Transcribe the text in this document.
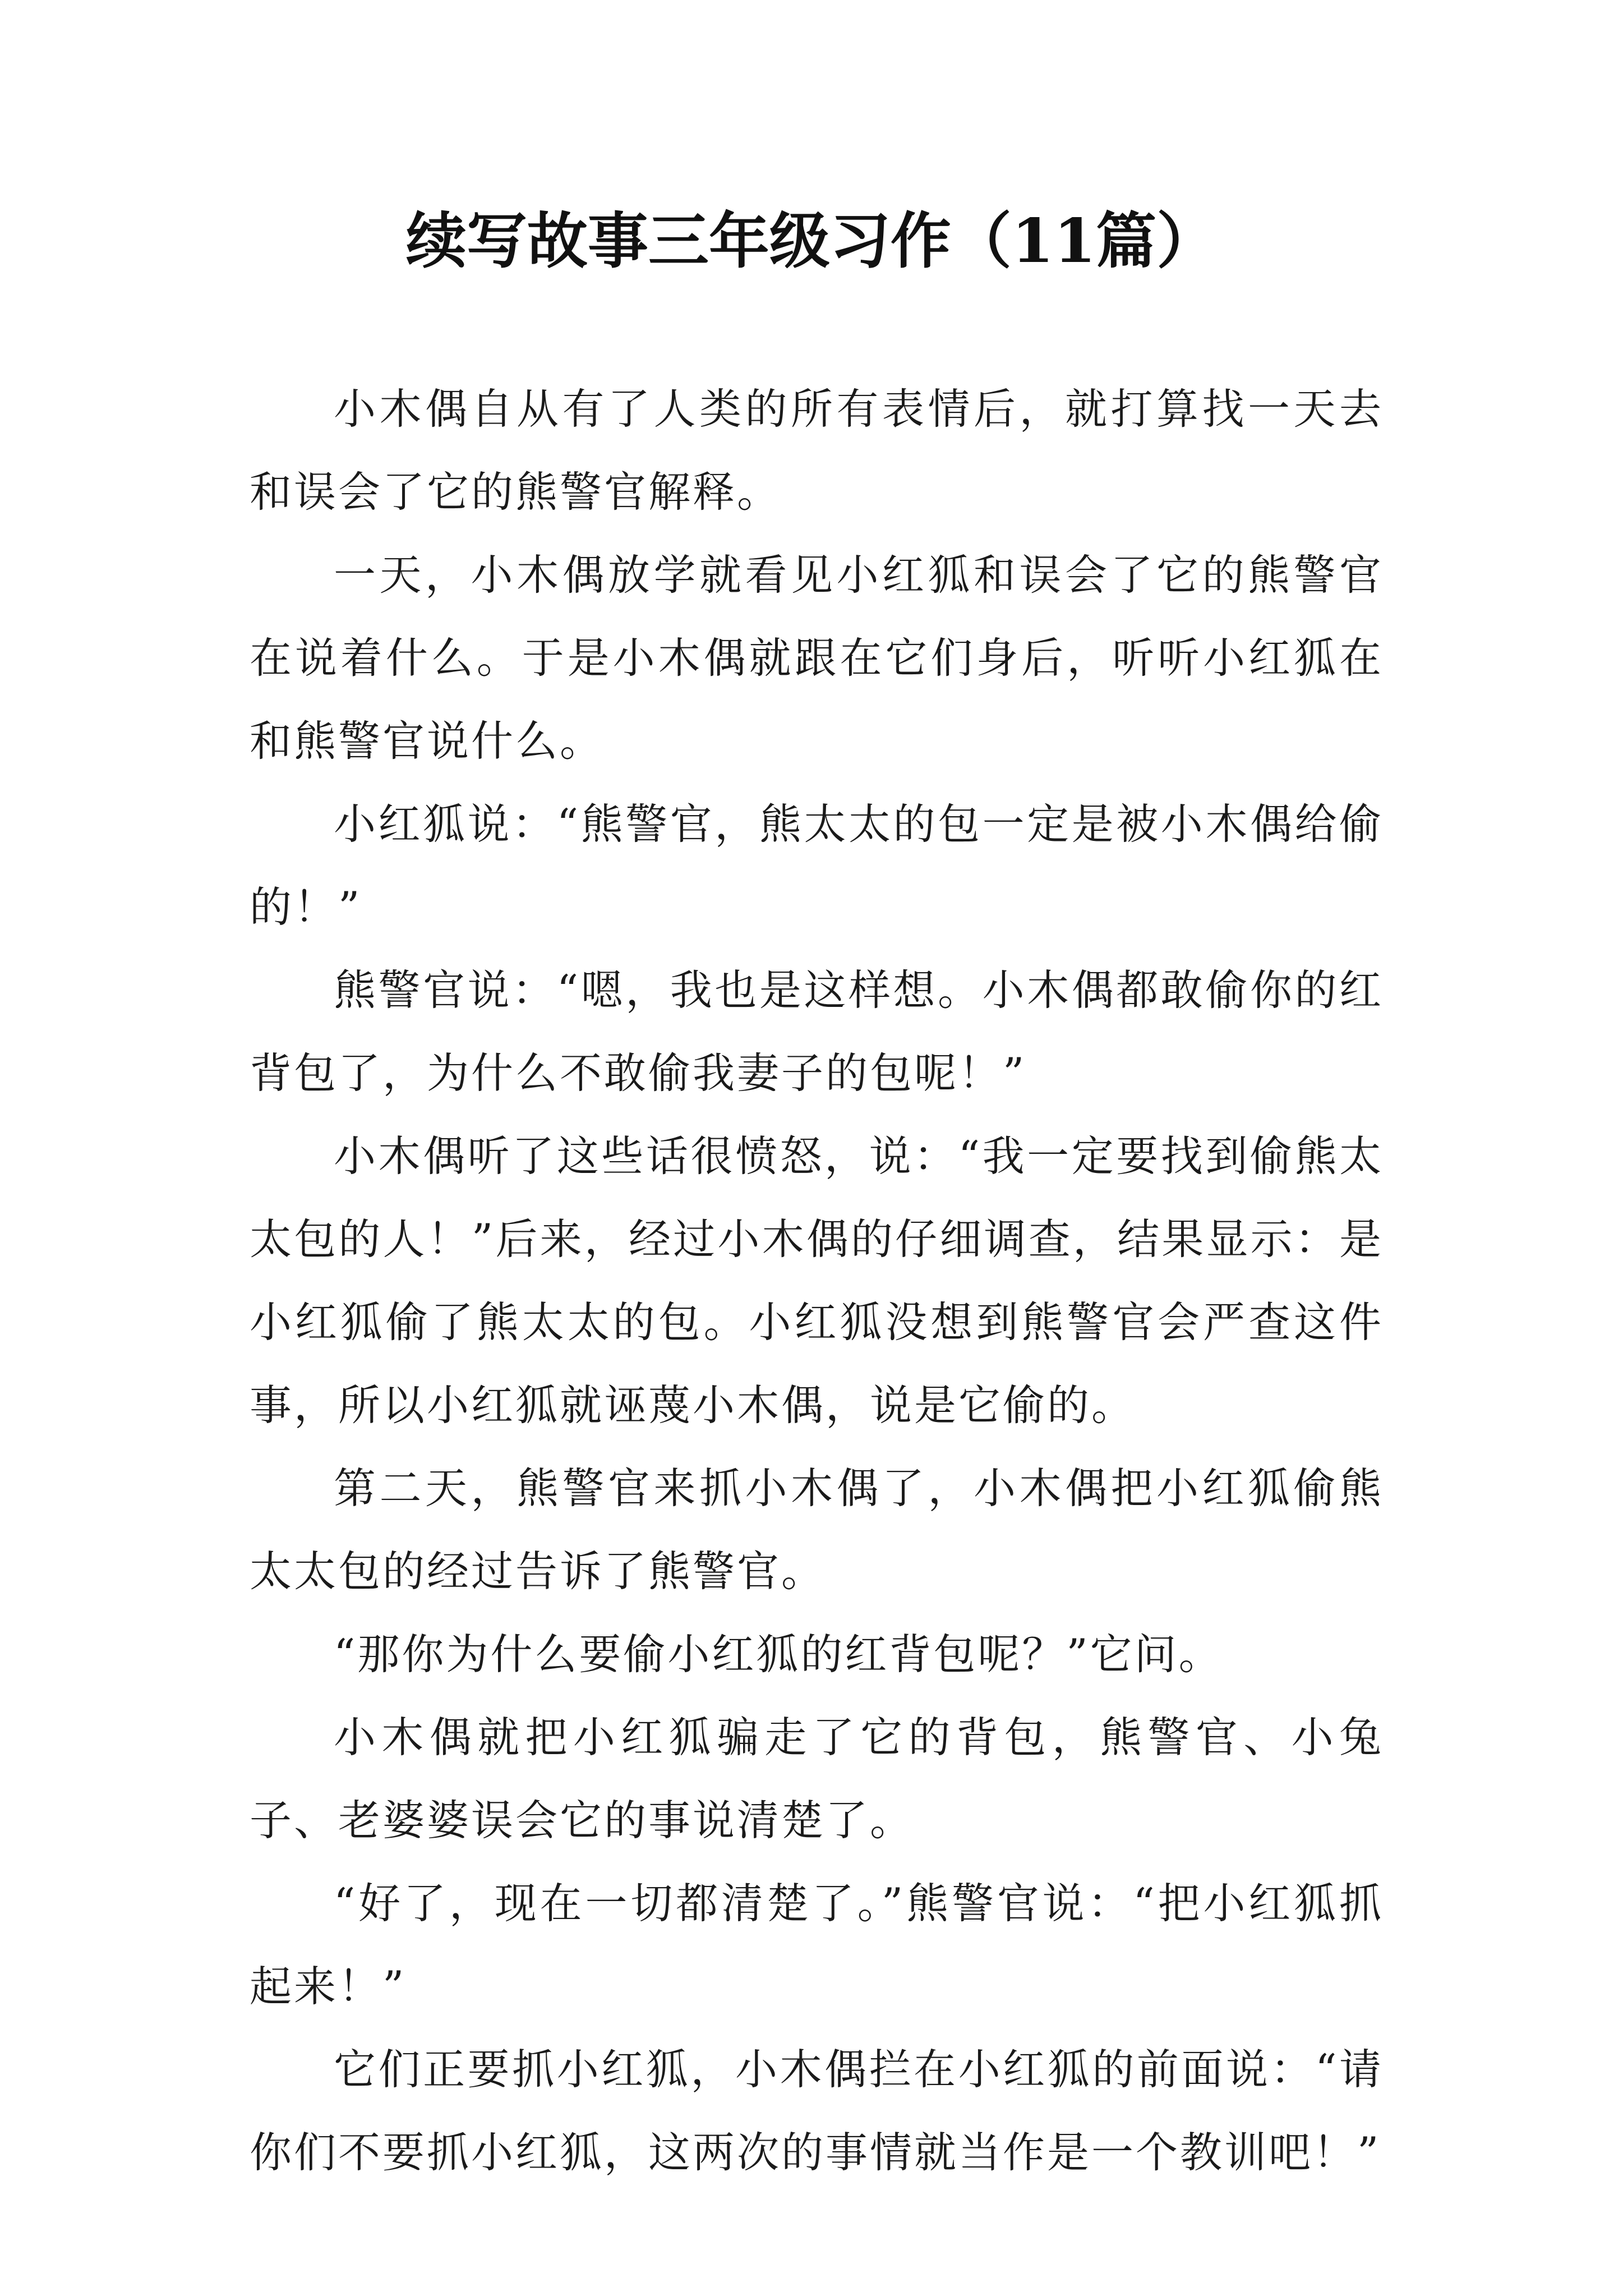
续写故事三年级习作（11篇）

小木偶自从有了人类的所有表情后，就打算找一天去和误会了它的熊警官解释。

一天，小木偶放学就看见小红狐和误会了它的熊警官在说着什么。于是小木偶就跟在它们身后，听听小红狐在和熊警官说什么。

小红狐说：“熊警官，熊太太的包一定是被小木偶给偷的！”

熊警官说：“嗯，我也是这样想。小木偶都敢偷你的红背包了，为什么不敢偷我妻子的包呢！”

小木偶听了这些话很愤怒，说：“我一定要找到偷熊太太包的人！”后来，经过小木偶的仔细调查，结果显示：是小红狐偷了熊太太的包。小红狐没想到熊警官会严查这件事，所以小红狐就诬蔑小木偶，说是它偷的。

第二天，熊警官来抓小木偶了，小木偶把小红狐偷熊太太包的经过告诉了熊警官。

“那你为什么要偷小红狐的红背包呢？”它问。

小木偶就把小红狐骗走了它的背包，熊警官、小兔子、老婆婆误会它的事说清楚了。

“好了，现在一切都清楚了。”熊警官说：“把小红狐抓起来！”

它们正要抓小红狐，小木偶拦在小红狐的前面说：“请你们不要抓小红狐，这两次的事情就当作是一个教训吧！”
